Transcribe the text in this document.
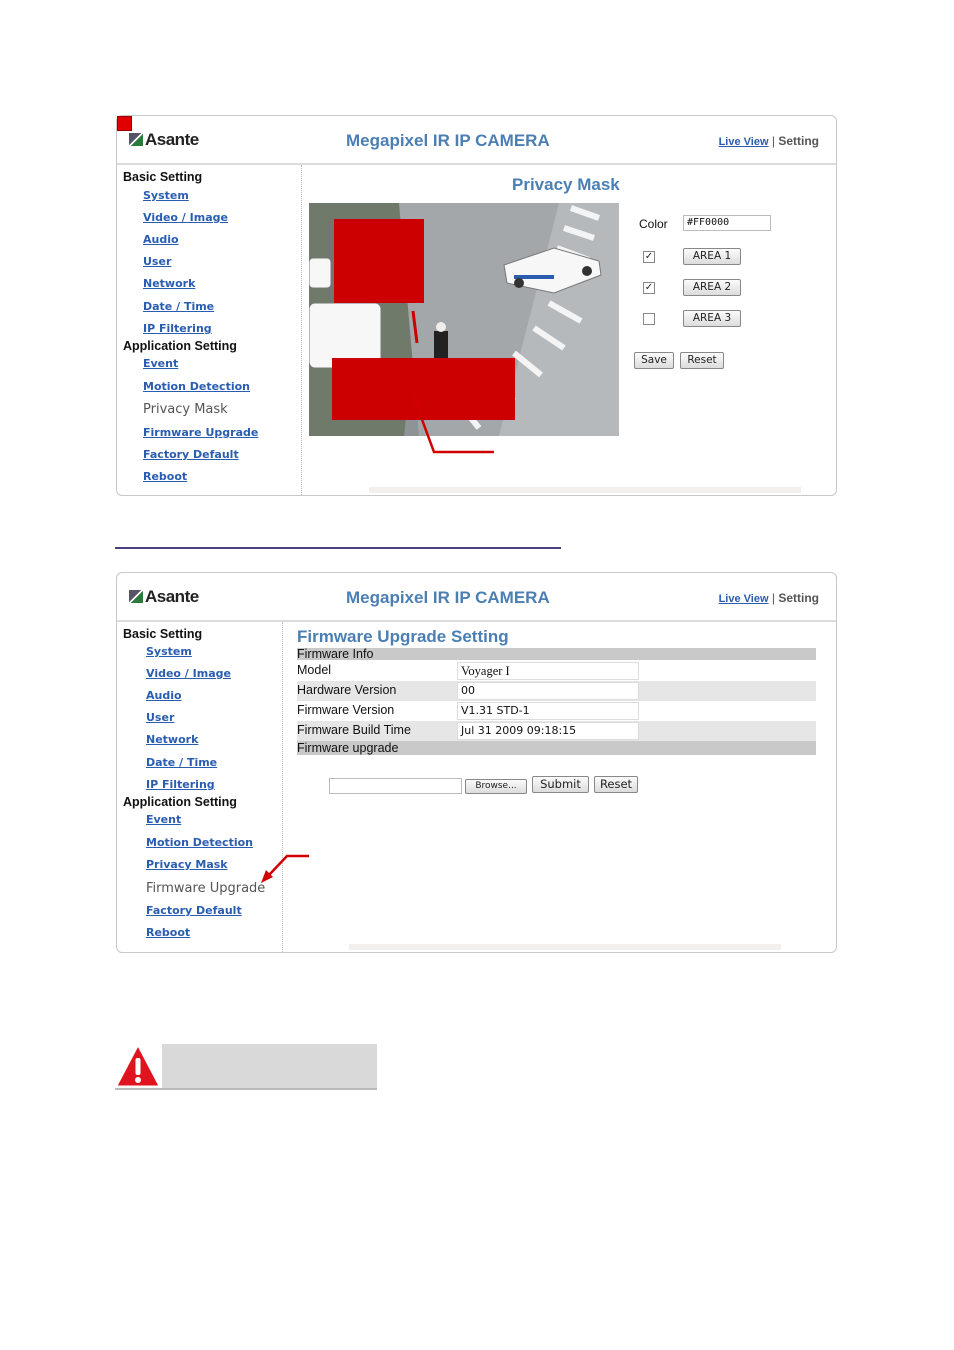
Asante	Megapixel IR IP CAMERA	Live View | Setting
Basic Setting
System
Video / Image
Audio
User
Network
Date / Time
IP Filtering
Application Setting
Event
Motion Detection
Privacy Mask
Firmware Upgrade
Factory Default
Reboot
Privacy Mask
Color	#FF0000
✓	AREA 1
✓	AREA 2
AREA 3
Save	Reset
Asante	Megapixel IR IP CAMERA	Live View | Setting
Basic Setting
System
Video / Image
Audio
User
Network
Date / Time
IP Filtering
Application Setting
Event
Motion Detection
Privacy Mask
Firmware Upgrade
Factory Default
Reboot
Firmware Upgrade Setting
Firmware Info
Model	Voyager I
Hardware Version	00
Firmware Version	V1.31 STD-1
Firmware Build Time	Jul 31 2009 09:18:15
Firmware upgrade
Browse...	Submit	Reset
